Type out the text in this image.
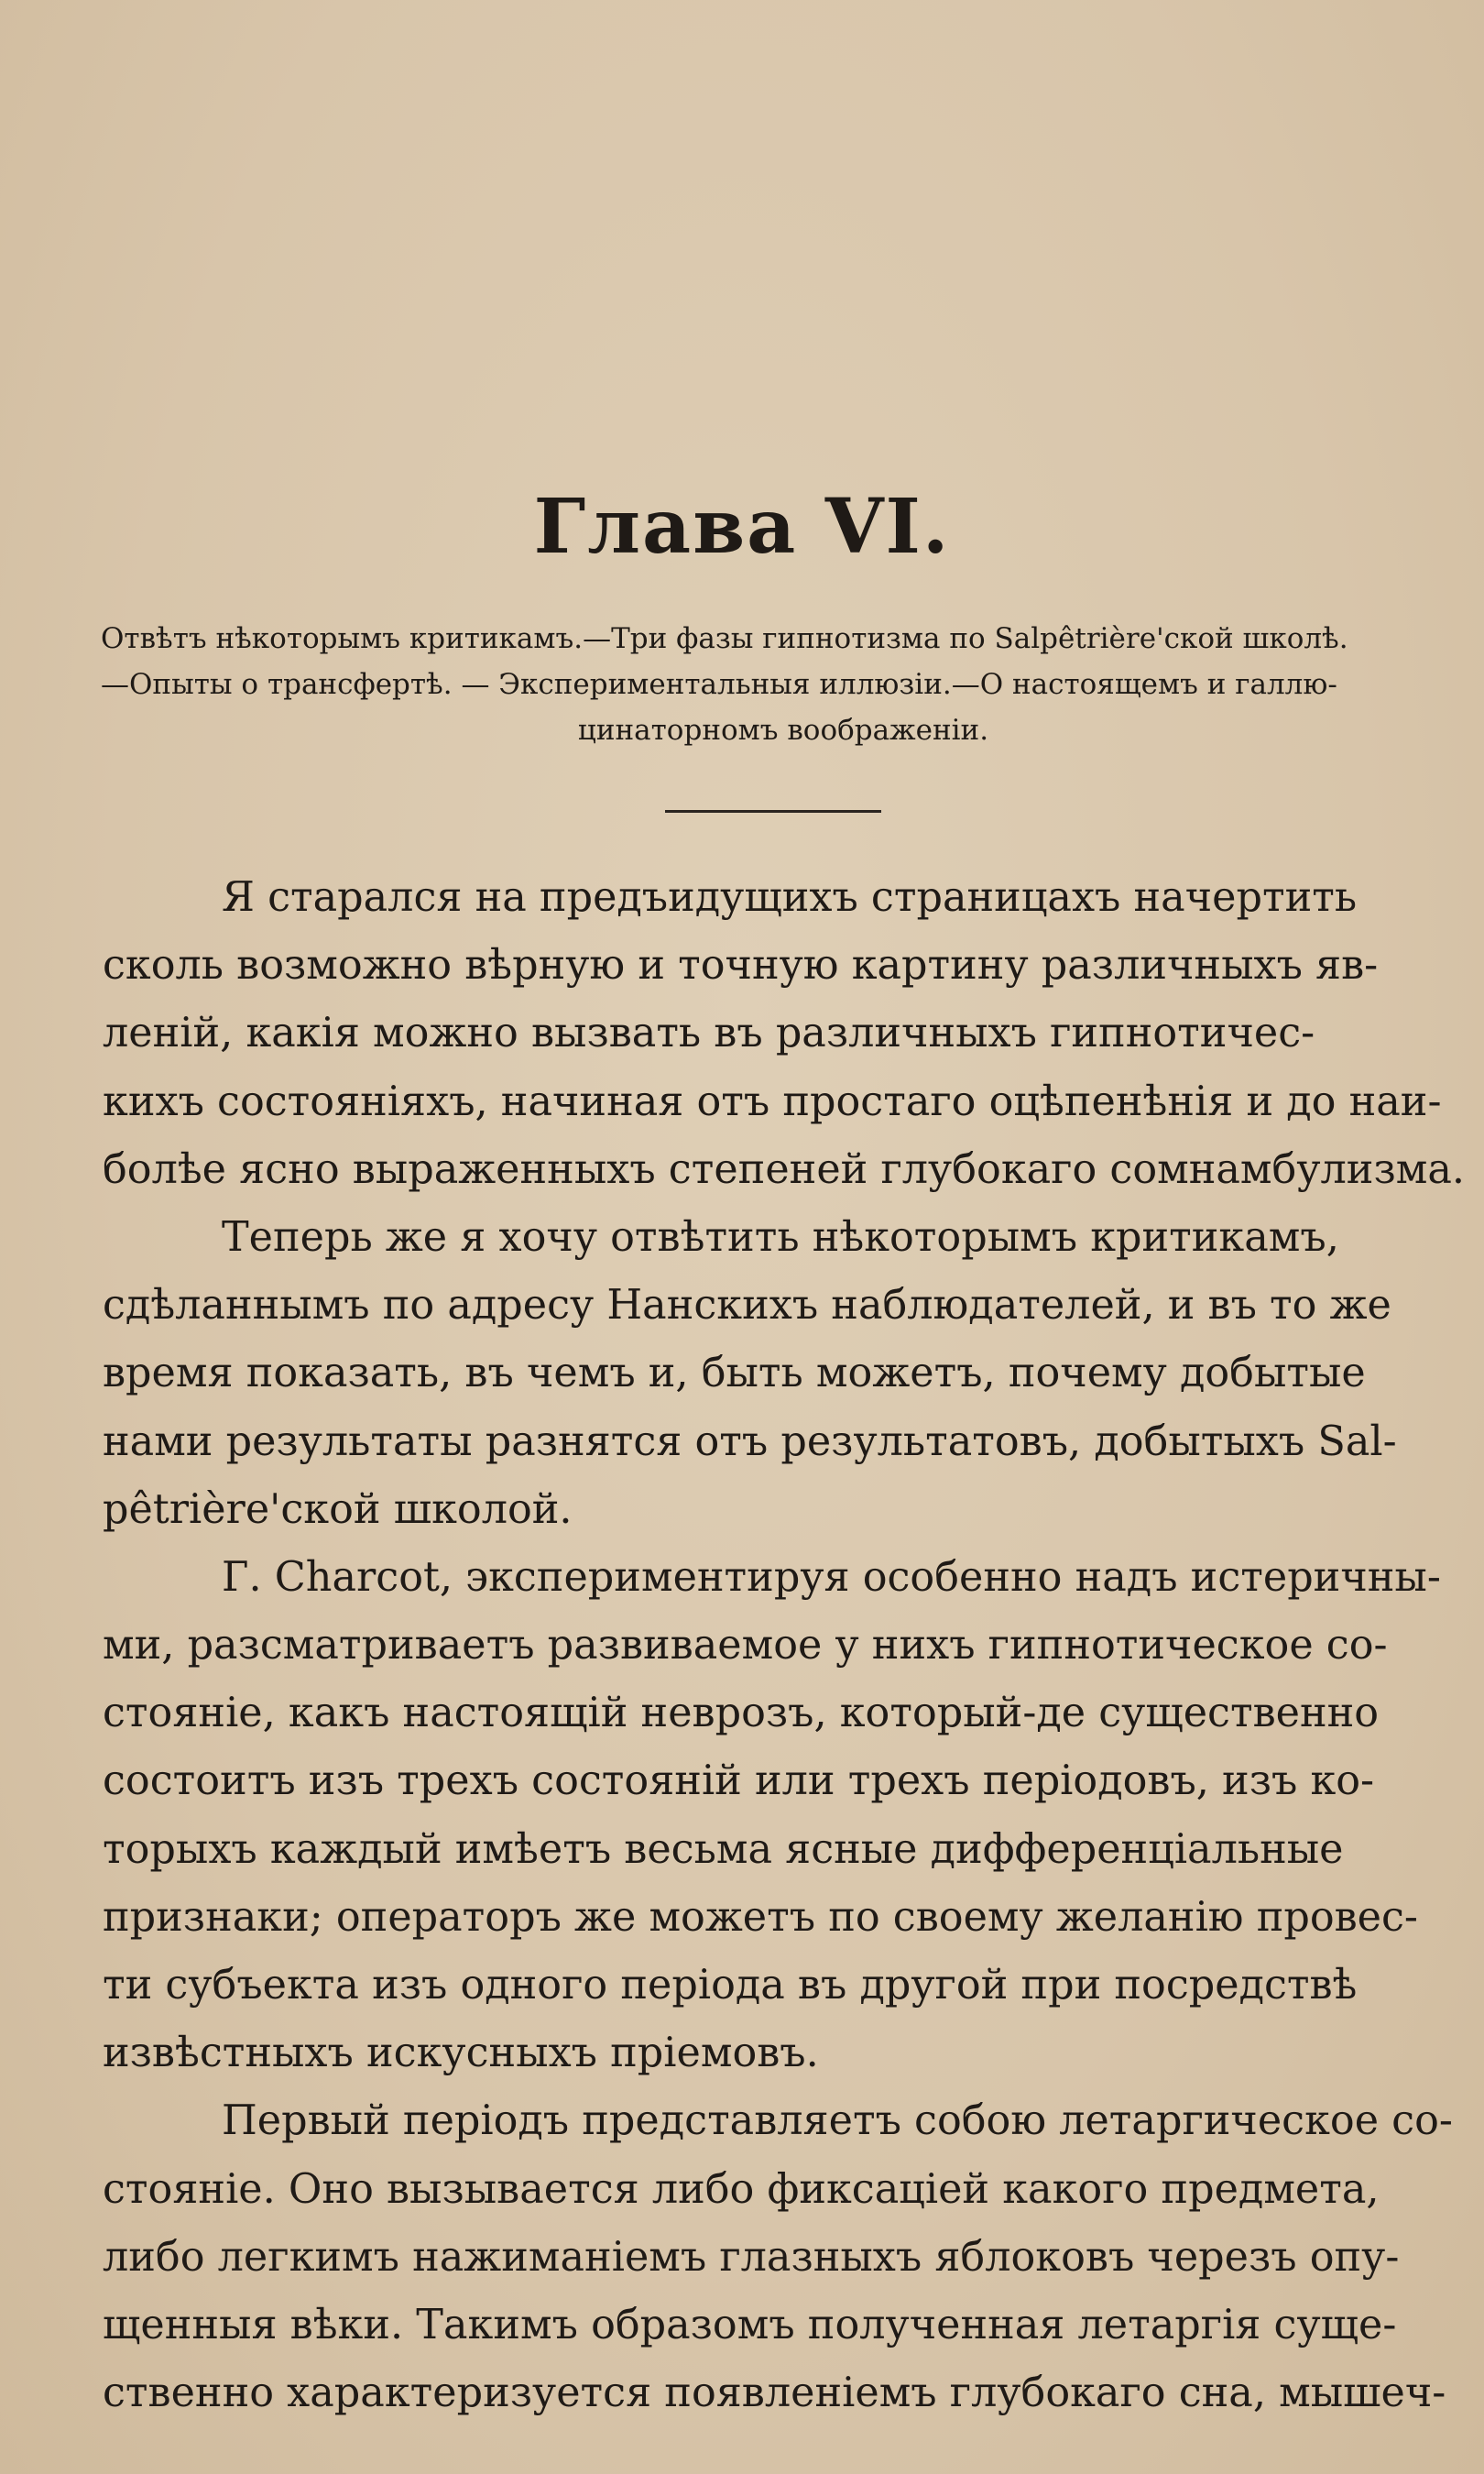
Глава VI.
Отвѣтъ нѣкоторымъ критикамъ.—Три фазы гипнотизма по Salpêtrière'ской школѣ.
—Опыты о трансфертѣ. — Экспериментальныя иллюзіи.—О настоящемъ и галлю-
цинаторномъ воображеніи.
Я старался на предъидущихъ страницахъ начертить
сколь возможно вѣрную и точную картину различныхъ яв-
леній, какія можно вызвать въ различныхъ гипнотичес-
кихъ состояніяхъ, начиная отъ простаго оцѣпенѣнія и до наи-
болѣе ясно выраженныхъ степеней глубокаго сомнамбулизма.
Теперь же я хочу отвѣтить нѣкоторымъ критикамъ,
сдѣланнымъ по адресу Нанскихъ наблюдателей, и въ то же
время показать, въ чемъ и, быть можетъ, почему добытые
нами результаты разнятся отъ результатовъ, добытыхъ Sal-
pêtrière'ской школой.
Г. Charcot, экспериментируя особенно надъ истеричны-
ми, разсматриваетъ развиваемое у нихъ гипнотическое со-
стояніе, какъ настоящій неврозъ, который-де существенно
состоитъ изъ трехъ состояній или трехъ періодовъ, изъ ко-
торыхъ каждый имѣетъ весьма ясные дифференціальные
признаки; операторъ же можетъ по своему желанію провес-
ти субъекта изъ одного періода въ другой при посредствѣ
извѣстныхъ искусныхъ пріемовъ.
Первый періодъ представляетъ собою летаргическое со-
стояніе. Оно вызывается либо фиксаціей какого предмета,
либо легкимъ нажиманіемъ глазныхъ яблоковъ черезъ опу-
щенныя вѣки. Такимъ образомъ полученная летаргія суще-
ственно характеризуется появленіемъ глубокаго сна, мышеч-
